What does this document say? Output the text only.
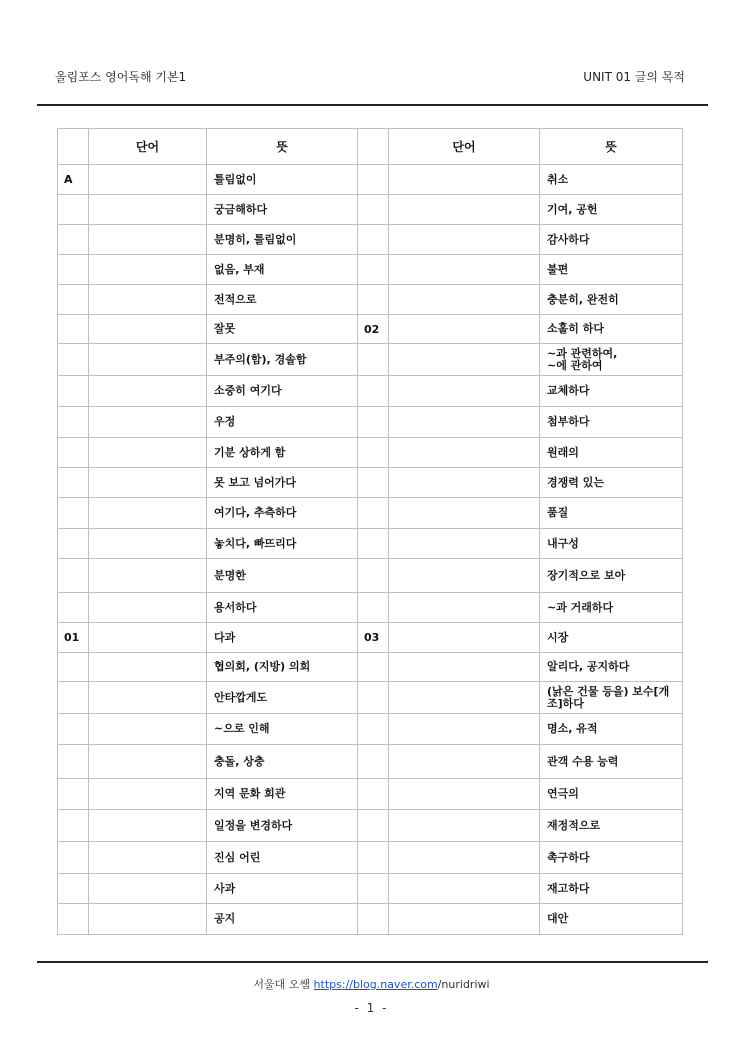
올림포스 영어독해 기본1	UNIT 01 글의 목적
	단어	뜻		단어	뜻
A		틀림없이			취소
		궁금해하다			기여, 공헌
		분명히, 틀림없이			감사하다
		없음, 부재			불편
		전적으로			충분히, 완전히
		잘못	02		소홀히 하다
		부주의(함), 경솔함			~과 관련하여,
~에 관하여
		소중히 여기다			교체하다
		우정			첨부하다
		기분 상하게 함			원래의
		못 보고 넘어가다			경쟁력 있는
		여기다, 추측하다			품질
		놓치다, 빠뜨리다			내구성
		분명한			장기적으로 보아
		용서하다			~과 거래하다
01		다과	03		시장
		협의회, (지방) 의회			알리다, 공지하다
		안타깝게도			(낡은 건물 등을) 보수[개조]하다
		~으로 인해			명소, 유적
		충돌, 상충			관객 수용 능력
		지역 문화 회관			연극의
		일정을 변경하다			재정적으로
		진심 어린			촉구하다
		사과			재고하다
		공지			대안
서울대 오쌤 https://blog.naver.com/nuridriwi
- 1 -
